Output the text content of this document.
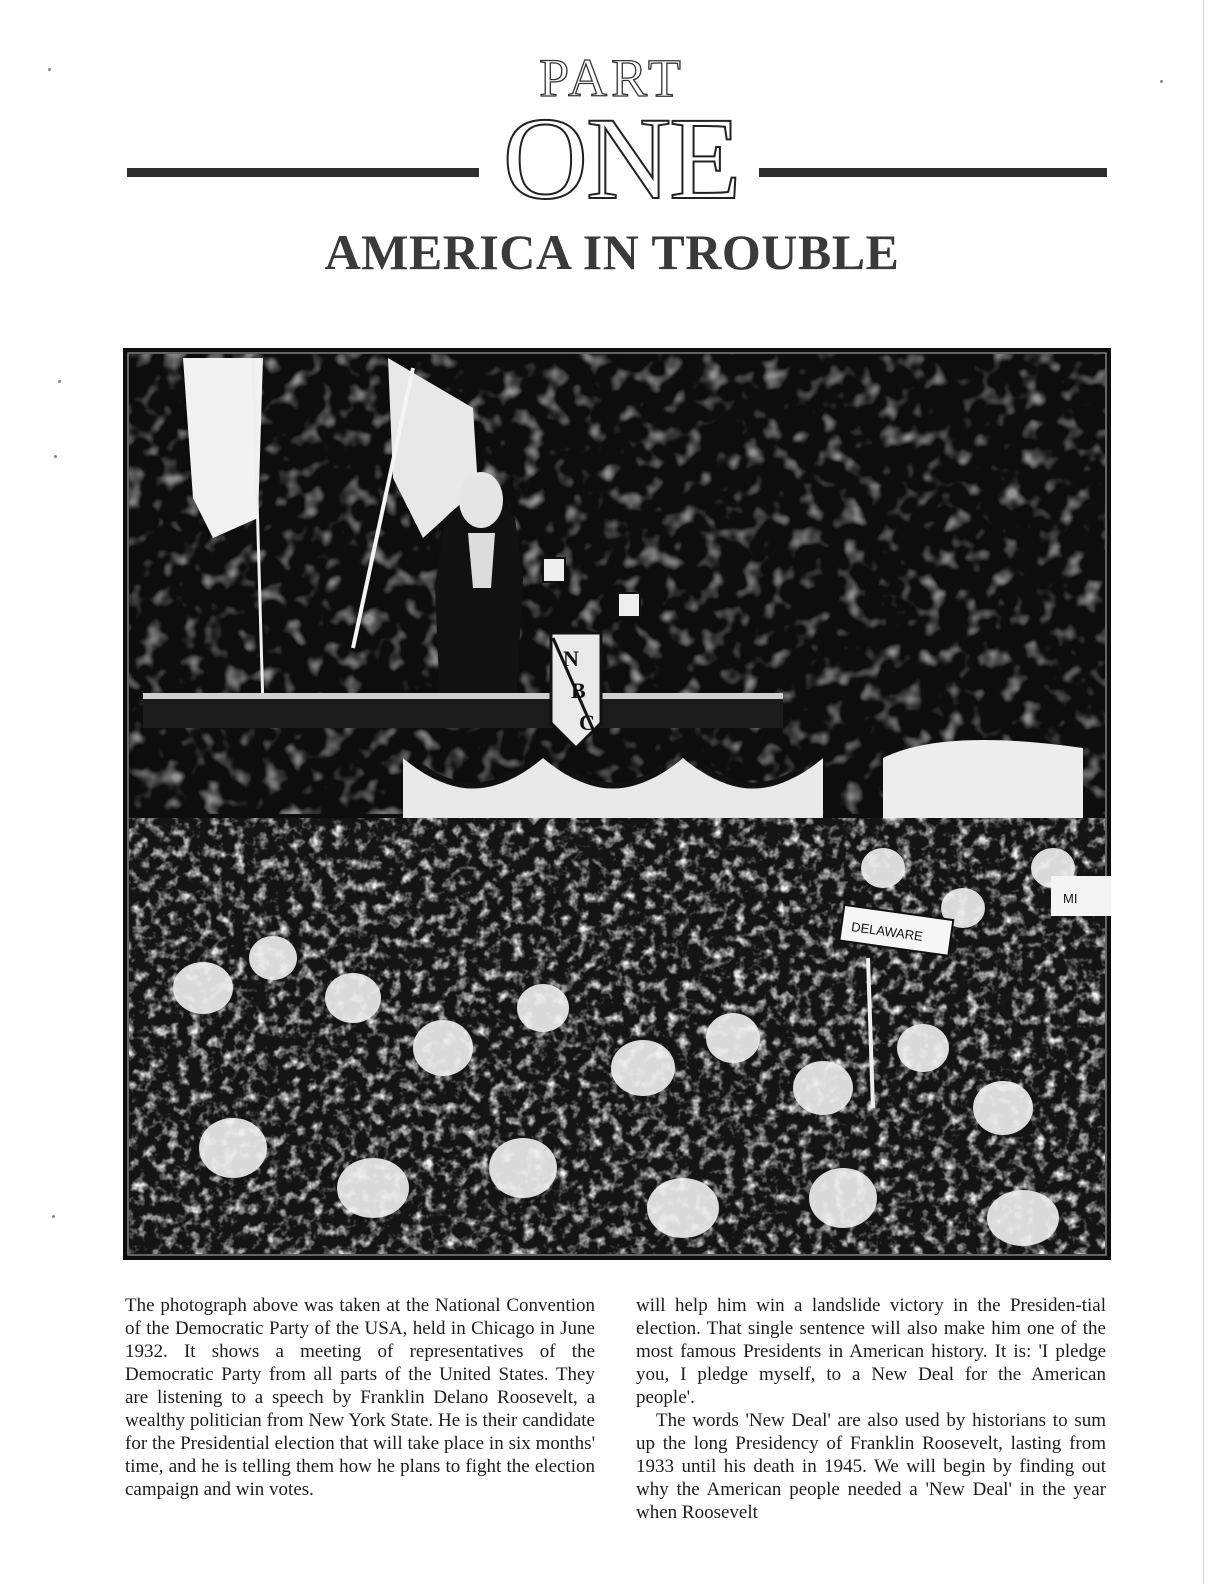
PART
ONE
AMERICA IN TROUBLE
N
B
C
DELAWARE
MI

The photograph above was taken at the National Convention of the Democratic Party of the USA, held in Chicago in June 1932. It shows a meeting of representatives of the Democratic Party from all parts of the United States. They are listening to a speech by Franklin Delano Roosevelt, a wealthy politician from New York State. He is their candidate for the Presidential election that will take place in six months' time, and he is telling them how he plans to fight the election campaign and win votes.

will help him win a landslide victory in the Presiden-tial election. That single sentence will also make him one of the most famous Presidents in American history. It is: 'I pledge you, I pledge myself, to a New Deal for the American people'.

The words 'New Deal' are also used by historians to sum up the long Presidency of Franklin Roosevelt, lasting from 1933 until his death in 1945. We will begin by finding out why the American people needed a 'New Deal' in the year when Roosevelt
